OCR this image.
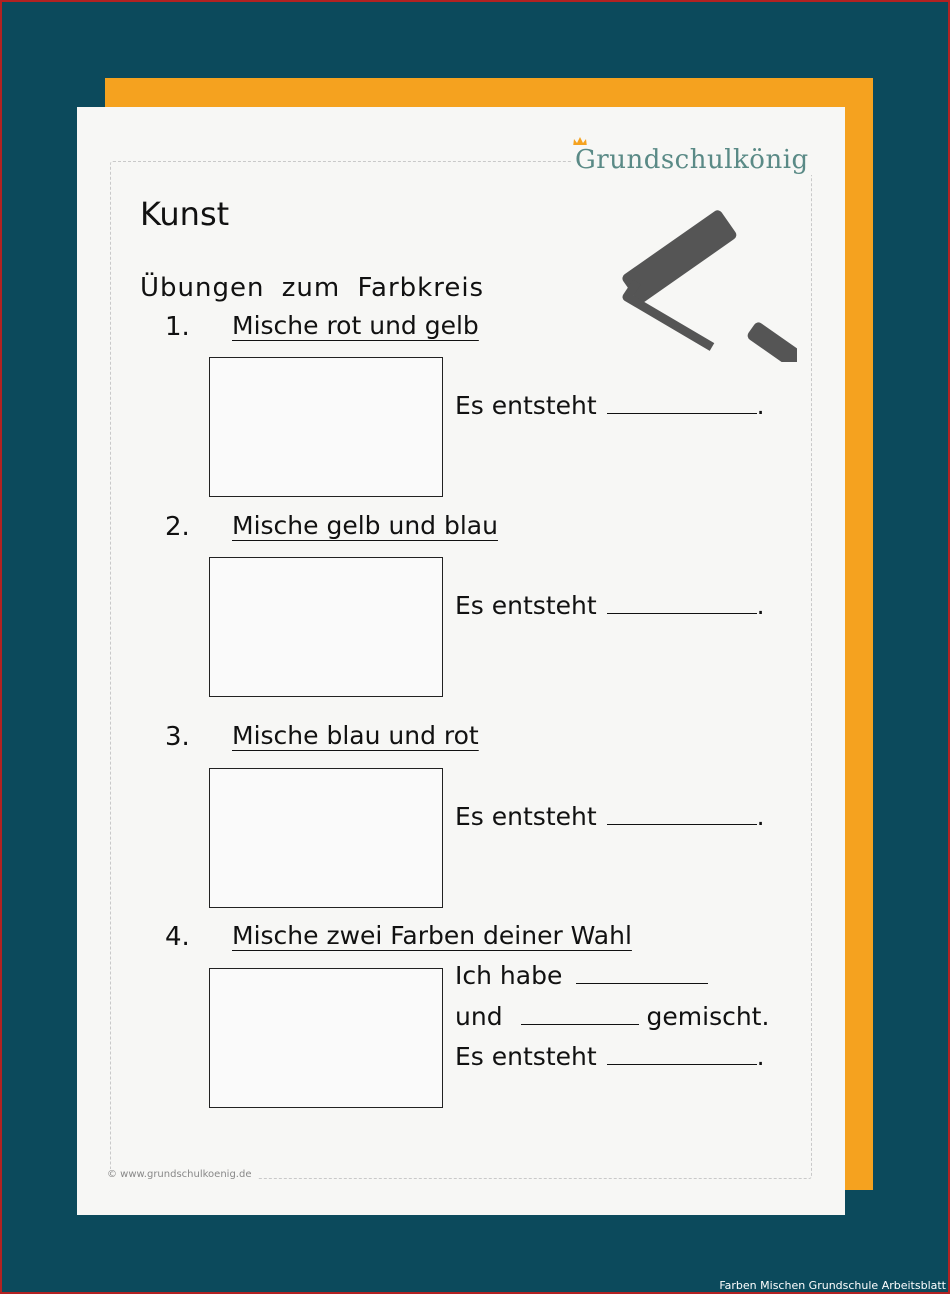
Grundschulkönig
Kunst
Übungen zum Farbkreis
1. Mische rot und gelb
Es entsteht	.
2. Mische gelb und blau
Es entsteht	.
3. Mische blau und rot
Es entsteht	.
4. Mische zwei Farben deiner Wahl
Ich habe
und	gemischt.
Es entsteht	.
© www.grundschulkoenig.de
Farben Mischen Grundschule Arbeitsblatt
